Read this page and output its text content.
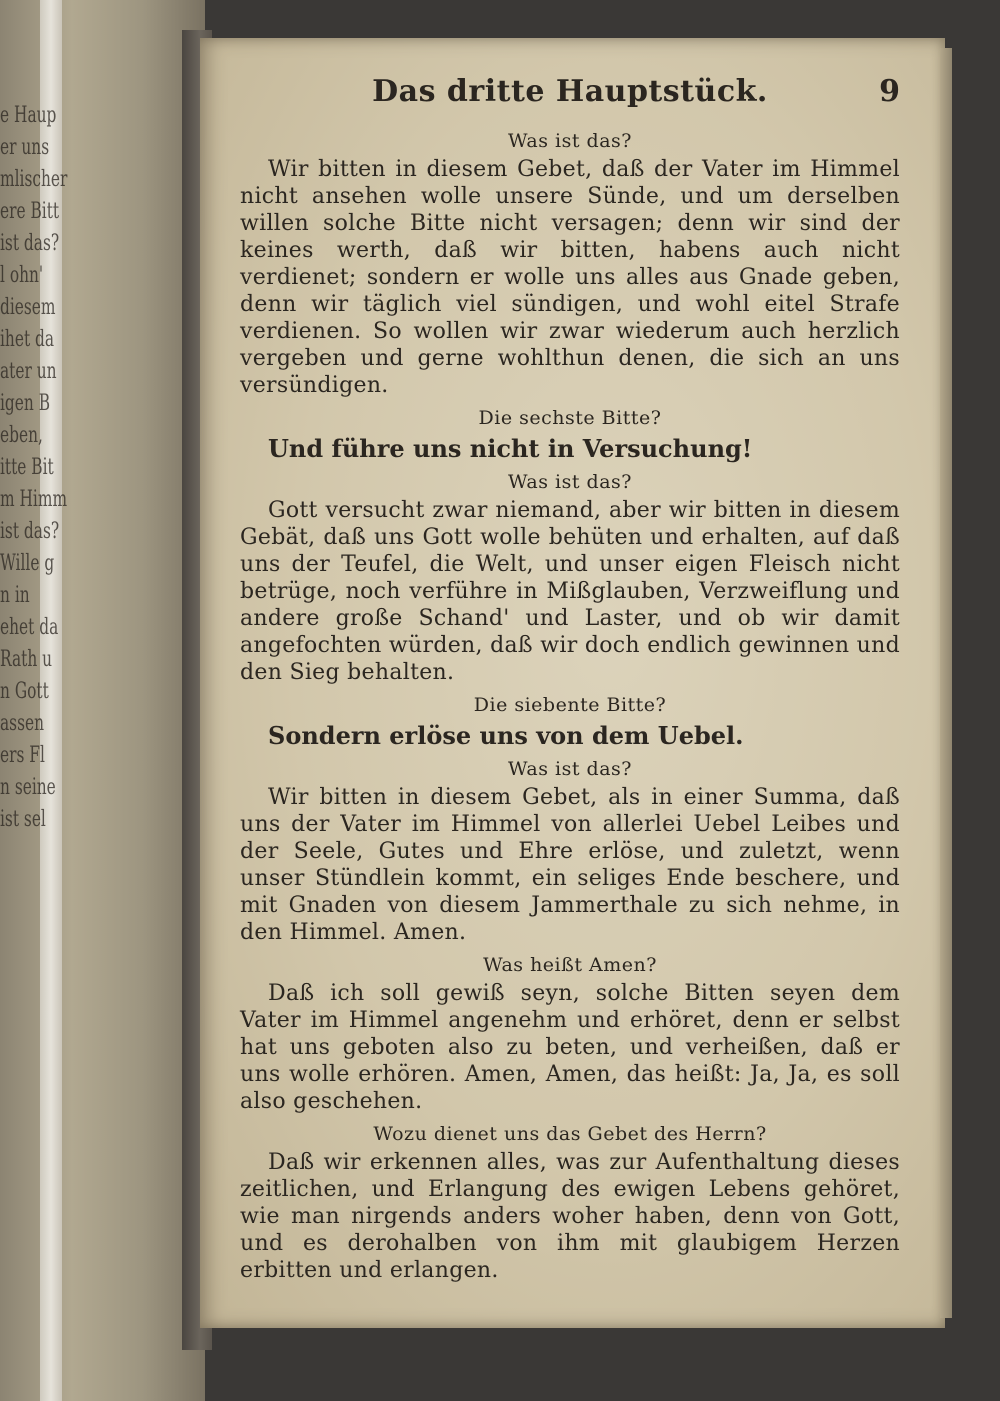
e Haup
er uns
mlischer
ere Bitt
ist das?
l ohn'
diesem
ihet da
ater un
igen B
eben,
itte Bit
m Himm
ist das?
Wille g
n in
ehet da
Rath u
n Gott
assen
ers Fl
n seine
ist sel
Das dritte Hauptstück.	9

Was ist das?

Wir bitten in diesem Gebet, daß der Vater im Himmel nicht ansehen wolle unsere Sünde, und um derselben willen solche Bitte nicht versagen; denn wir sind der keines werth, daß wir bitten, habens auch nicht verdienet; sondern er wolle uns alles aus Gnade geben, denn wir täglich viel sündigen, und wohl eitel Strafe verdienen. So wollen wir zwar wiederum auch herzlich vergeben und gerne wohlthun denen, die sich an uns versündigen.

Die sechste Bitte?

Und führe uns nicht in Versuchung!

Was ist das?

Gott versucht zwar niemand, aber wir bitten in diesem Gebät, daß uns Gott wolle behüten und erhalten, auf daß uns der Teufel, die Welt, und unser eigen Fleisch nicht betrüge, noch verführe in Mißglauben, Verzweiflung und andere große Schand' und Laster, und ob wir damit angefochten würden, daß wir doch endlich gewinnen und den Sieg behalten.

Die siebente Bitte?

Sondern erlöse uns von dem Uebel.

Was ist das?

Wir bitten in diesem Gebet, als in einer Summa, daß uns der Vater im Himmel von allerlei Uebel Leibes und der Seele, Gutes und Ehre erlöse, und zuletzt, wenn unser Stündlein kommt, ein seliges Ende beschere, und mit Gnaden von diesem Jammerthale zu sich nehme, in den Himmel. Amen.

Was heißt Amen?

Daß ich soll gewiß seyn, solche Bitten seyen dem Vater im Himmel angenehm und erhöret, denn er selbst hat uns geboten also zu beten, und verheißen, daß er uns wolle erhören. Amen, Amen, das heißt: Ja, Ja, es soll also geschehen.

Wozu dienet uns das Gebet des Herrn?

Daß wir erkennen alles, was zur Aufenthaltung dieses zeitlichen, und Erlangung des ewigen Lebens gehöret, wie man nirgends anders woher haben, denn von Gott, und es derohalben von ihm mit glaubigem Herzen erbitten und erlangen.
